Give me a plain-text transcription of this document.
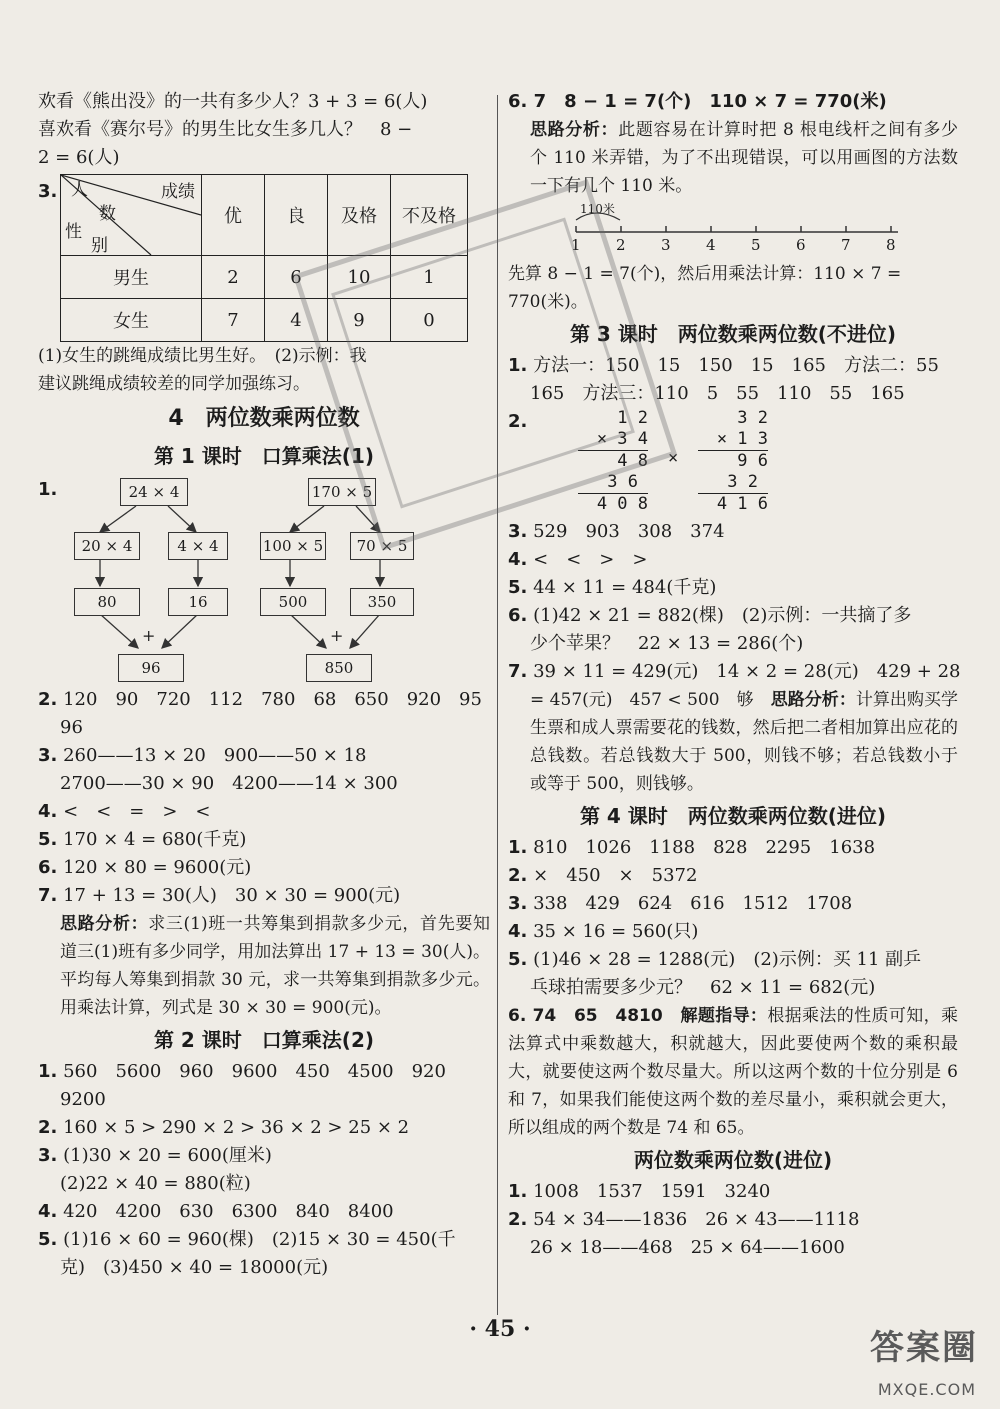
欢看《熊出没》的一共有多少人？3 + 3 = 6(人)
喜欢看《赛尔号》的男生比女生多几人？　8 −
2 = 6(人)
3.	成绩
人
数
性
别	优	良	及格	不及格
男生	2	6	10	1
女生	7	4	9	0
(1)女生的跳绳成绩比男生好。　(2)示例：我
建议跳绳成绩较差的同学加强练习。
4　两位数乘两位数
第 1 课时　口算乘法(1)
1.	24 × 4
20 × 4	4 × 4
80	16
+
96
170 × 5
100 × 5	70 × 5
500	350
+
850
2. 120　90　720　112　780　68　650　920　95
96
3. 260——13 × 20　900——50 × 18
2700——30 × 90　4200——14 × 300
4. <　<　=　>　<
5. 170 × 4 = 680(千克)
6. 120 × 80 = 9600(元)
7. 17 + 13 = 30(人)　30 × 30 = 900(元)
思路分析：求三(1)班一共筹集到捐款多少元，首先要知道三(1)班有多少同学，用加法算出 17 + 13 = 30(人)。平均每人筹集到捐款 30 元，求一共筹集到捐款多少元。用乘法计算，列式是 30 × 30 = 900(元)。
第 2 课时　口算乘法(2)
1. 560　5600　960　9600　450　4500　920
9200
2. 160 × 5 > 290 × 2 > 36 × 2 > 25 × 2
3. (1)30 × 20 = 600(厘米)
(2)22 × 40 = 880(粒)
4. 420　4200　630　6300　840　8400
5. (1)16 × 60 = 960(棵)　(2)15 × 30 = 450(千
克)　(3)450 × 40 = 18000(元)
6. 7　8 − 1 = 7(个)　110 × 7 = 770(米)
思路分析：此题容易在计算时把 8 根电线杆之间有多少个 110 米弄错，为了不出现错误，可以用画图的方法数一下有几个 110 米。
110米
1 2 3 4 5 6 7 8
先算 8 − 1 = 7(个)，然后用乘法计算：110 × 7 =
770(米)。
第 3 课时　两位数乘两位数(不进位)
1. 方法一：150　15　150　15　165　方法二：55
165　方法三：110　5　55　110　55　165
2.	1 2
× 3 4
4 8
3 6
4 0 8
×
3 2
× 1 3
9 6
3 2
4 1 6
3. 529　903　308　374
4. <　<　>　>
5. 44 × 11 = 484(千克)
6. (1)42 × 21 = 882(棵)　(2)示例：一共摘了多
少个苹果？　22 × 13 = 286(个)
7. 39 × 11 = 429(元)　14 × 2 = 28(元)　429 + 28
= 457(元)　457 < 500　够　 思路分析：计算出购买学生票和成人票需要花的钱数，然后把二者相加算出应花的总钱数。若总钱数大于 500，则钱不够；若总钱数小于或等于 500，则钱够。
第 4 课时　两位数乘两位数(进位)
1. 810　1026　1188　828　2295　1638
2. ×　450　×　5372
3. 338　429　624　616　1512　1708
4. 35 × 16 = 560(只)
5. (1)46 × 28 = 1288(元)　(2)示例：买 11 副乒
乓球拍需要多少元？　62 × 11 = 682(元)
6. 74　65　4810　 解题指导：根据乘法的性质可知，乘法算式中乘数越大，积就越大，因此要使两个数的乘积最大，就要使这两个数尽量大。所以这两个数的十位分别是 6 和 7，如果我们能使这两个数的差尽量小，乘积就会更大，所以组成的两个数是 74 和 65。
两位数乘两位数(进位)
1. 1008　1537　1591　3240
2. 54 × 34——1836　26 × 43——1118
26 × 18——468　25 × 64——1600
· 45 ·	答案圈
MXQE.COM
